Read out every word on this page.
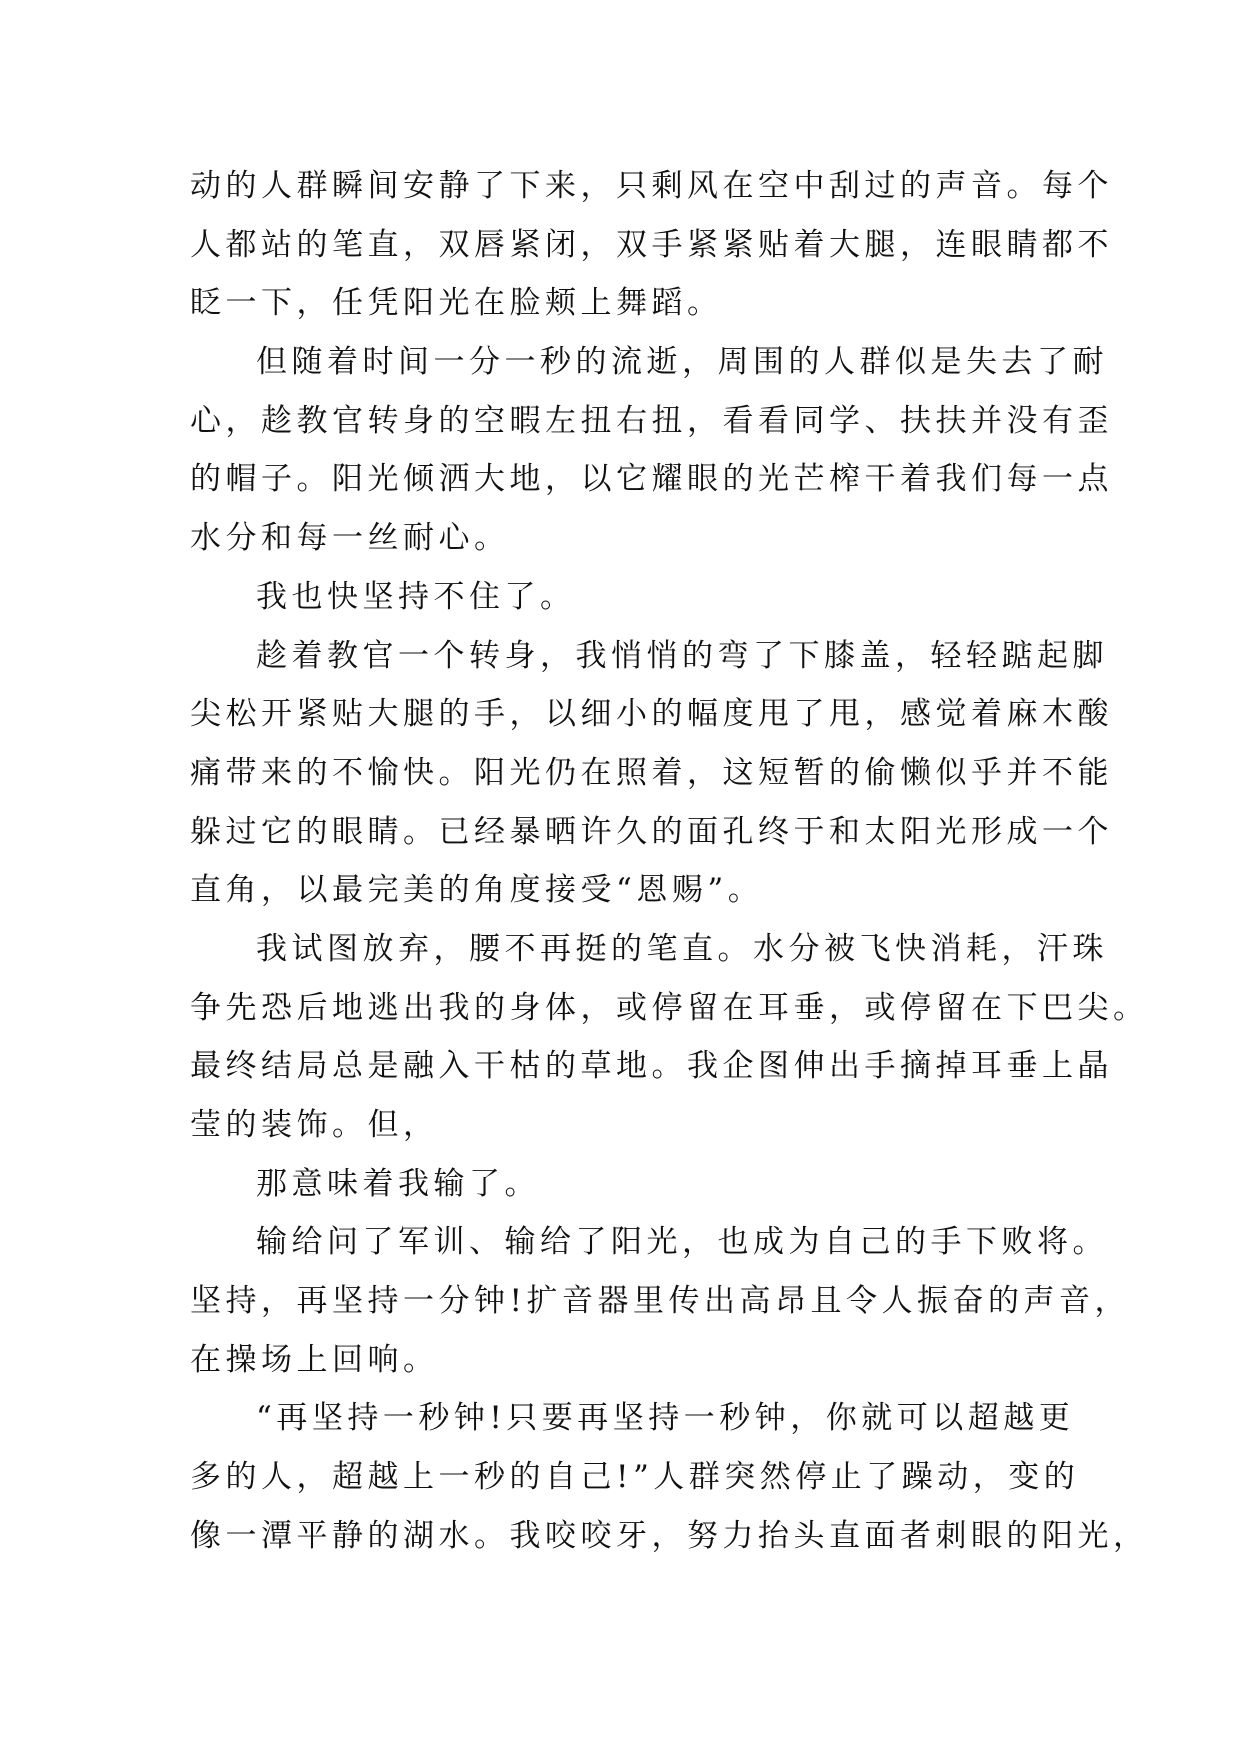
动的人群瞬间安静了下来，只剩风在空中刮过的声音。每个
人都站的笔直，双唇紧闭，双手紧紧贴着大腿，连眼睛都不
眨一下，任凭阳光在脸颊上舞蹈。
但随着时间一分一秒的流逝，周围的人群似是失去了耐
心，趁教官转身的空暇左扭右扭，看看同学、扶扶并没有歪
的帽子。阳光倾洒大地，以它耀眼的光芒榨干着我们每一点
水分和每一丝耐心。
我也快坚持不住了。
趁着教官一个转身，我悄悄的弯了下膝盖，轻轻踮起脚
尖松开紧贴大腿的手，以细小的幅度甩了甩，感觉着麻木酸
痛带来的不愉快。阳光仍在照着，这短暂的偷懒似乎并不能
躲过它的眼睛。已经暴晒许久的面孔终于和太阳光形成一个
直角，以最完美的角度接受“恩赐”。
我试图放弃，腰不再挺的笔直。水分被飞快消耗，汗珠
争先恐后地逃出我的身体，或停留在耳垂，或停留在下巴尖。
最终结局总是融入干枯的草地。我企图伸出手摘掉耳垂上晶
莹的装饰。但，
那意味着我输了。
输给问了军训、输给了阳光，也成为自己的手下败将。
坚持，再坚持一分钟!扩音器里传出高昂且令人振奋的声音，
在操场上回响。
“再坚持一秒钟!只要再坚持一秒钟，你就可以超越更
多的人，超越上一秒的自己!”人群突然停止了躁动，变的
像一潭平静的湖水。我咬咬牙，努力抬头直面者刺眼的阳光，
